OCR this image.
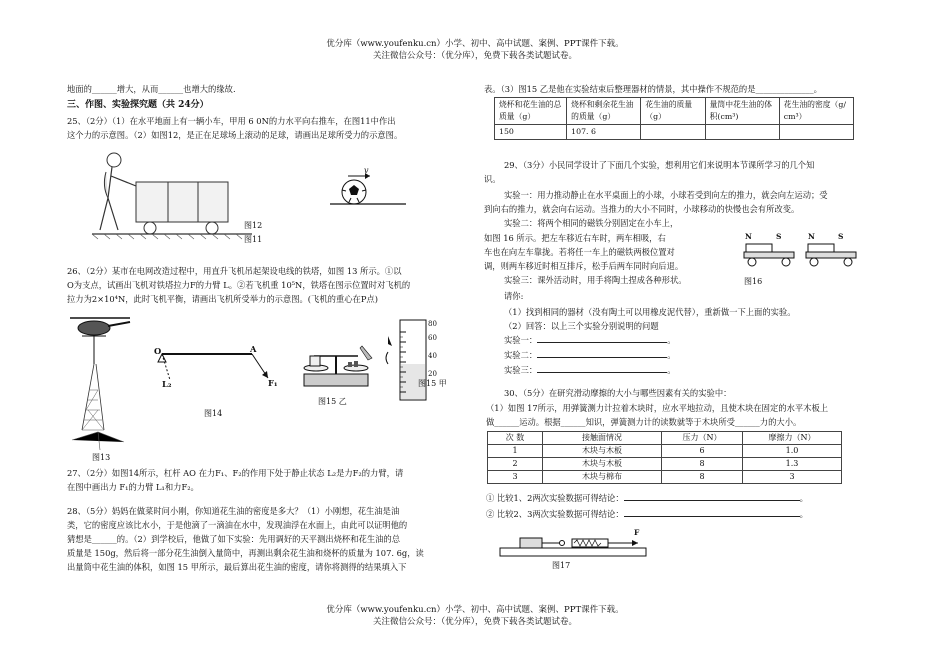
优分库（www.youfenku.cn）小学、初中、高中试题、案例、PPT课件下载。
关注微信公众号：（优分库），免费下载各类试题试卷。
地面的______增大，从而______也增大的缘故.
三、作图、实验探究题（共 24分）
25、（2分）（1）在水平地面上有一辆小车，甲用 6 0N的力水平向右推车，在图11中作出
这个力的示意图。（2）如图12，是正在足球场上滚动的足球，请画出足球所受力的示意图。
图12
图11
v
26、（2分）某市在电网改造过程中，用直升飞机吊起架设电线的铁塔，如图 13 所示。①以
O为支点，试画出飞机对铁塔拉力F的力臂 L。②若飞机重 10⁵N，铁塔在图示位置时对飞机的
拉力为2×10⁴N，此时飞机平衡，请画出飞机所受举力的示意图。(飞机的重心在P点)
O	A
L₂	F₁
图14
图15 乙
80
60
40
20
图15 甲
图13
27、（2分）如图14所示，杠杆 AO 在力F₁、F₂的作用下处于静止状态 L₂是力F₂的力臂，请
在图中画出力 F₁的力臂 L₁和力F₂。
28、（5分）妈妈在做菜时问小刚，你知道花生油的密度是多大？（1）小刚想，花生油是油
类，它的密度应该比水小，于是他滴了一滴油在水中，发现油浮在水面上，由此可以证明他的
猜想是______的。（2）到学校后，他做了如下实验：先用调好的天平测出烧杯和花生油的总
质量是 150g，然后将一部分花生油倒入量筒中，再测出剩余花生油和烧杯的质量为 107. 6g，读
出量筒中花生油的体积，如图 15 甲所示，最后算出花生油的密度，请你将测得的结果填入下
表。（3）图15 乙是他在实验结束后整理器材的情景，其中操作不规范的是______________。
烧杯和花生油的总质量（g）	烧杯和剩余花生油的质量（g）	花生油的质量（g）	量筒中花生油的体积(cm³)	花生油的密度（g/ cm³）
150	107. 6			
29、（3分）小民同学设计了下面几个实验，想利用它们来说明本节课所学习的几个知
识。
实验一：用力推动静止在水平桌面上的小球，小球若受到向左的推力，就会向左运动；受
到向右的推力，就会向右运动。当推力的大小不同时，小球移动的快慢也会有所改变。
实验二：将两个相同的磁铁分别固定在小车上，
如图 16 所示。把左车移近右车时，两车相吸，右
车也在向左车靠拢。若将任一车上的磁铁两极位置对
调，则两车移近时相互排斥，松手后两车同时向后退。
实验三：课外活动时，用手将陶土捏成各种形状。
N	S	N	S
图16
请你:
（1）找到相同的器材（没有陶土可以用橡皮泥代替），重新做一下上面的实验。
（2）回答：以上三个实验分别说明的问题
实验一：	。
实验二：	。
实验三：	。
30、（5分）在研究滑动摩擦的大小与哪些因素有关的实验中：
（1）如图 17所示，用弹簧测力计拉着木块时，应水平地拉动，且使木块在固定的水平木板上
做______运动。根据______知识，弹簧测力计的读数就等于木块所受______力的大小。
次 数	接触面情况	压力（N）	摩擦力（N）
1	木块与木板	6	1.0
2	木块与木板	8	1.3
3	木块与棉布	8	3
① 比较1、2两次实验数据可得结论：	。
② 比较2、3两次实验数据可得结论：	。
F
图17
优分库（www.youfenku.cn）小学、初中、高中试题、案例、PPT课件下载。
关注微信公众号：（优分库），免费下载各类试题试卷。
